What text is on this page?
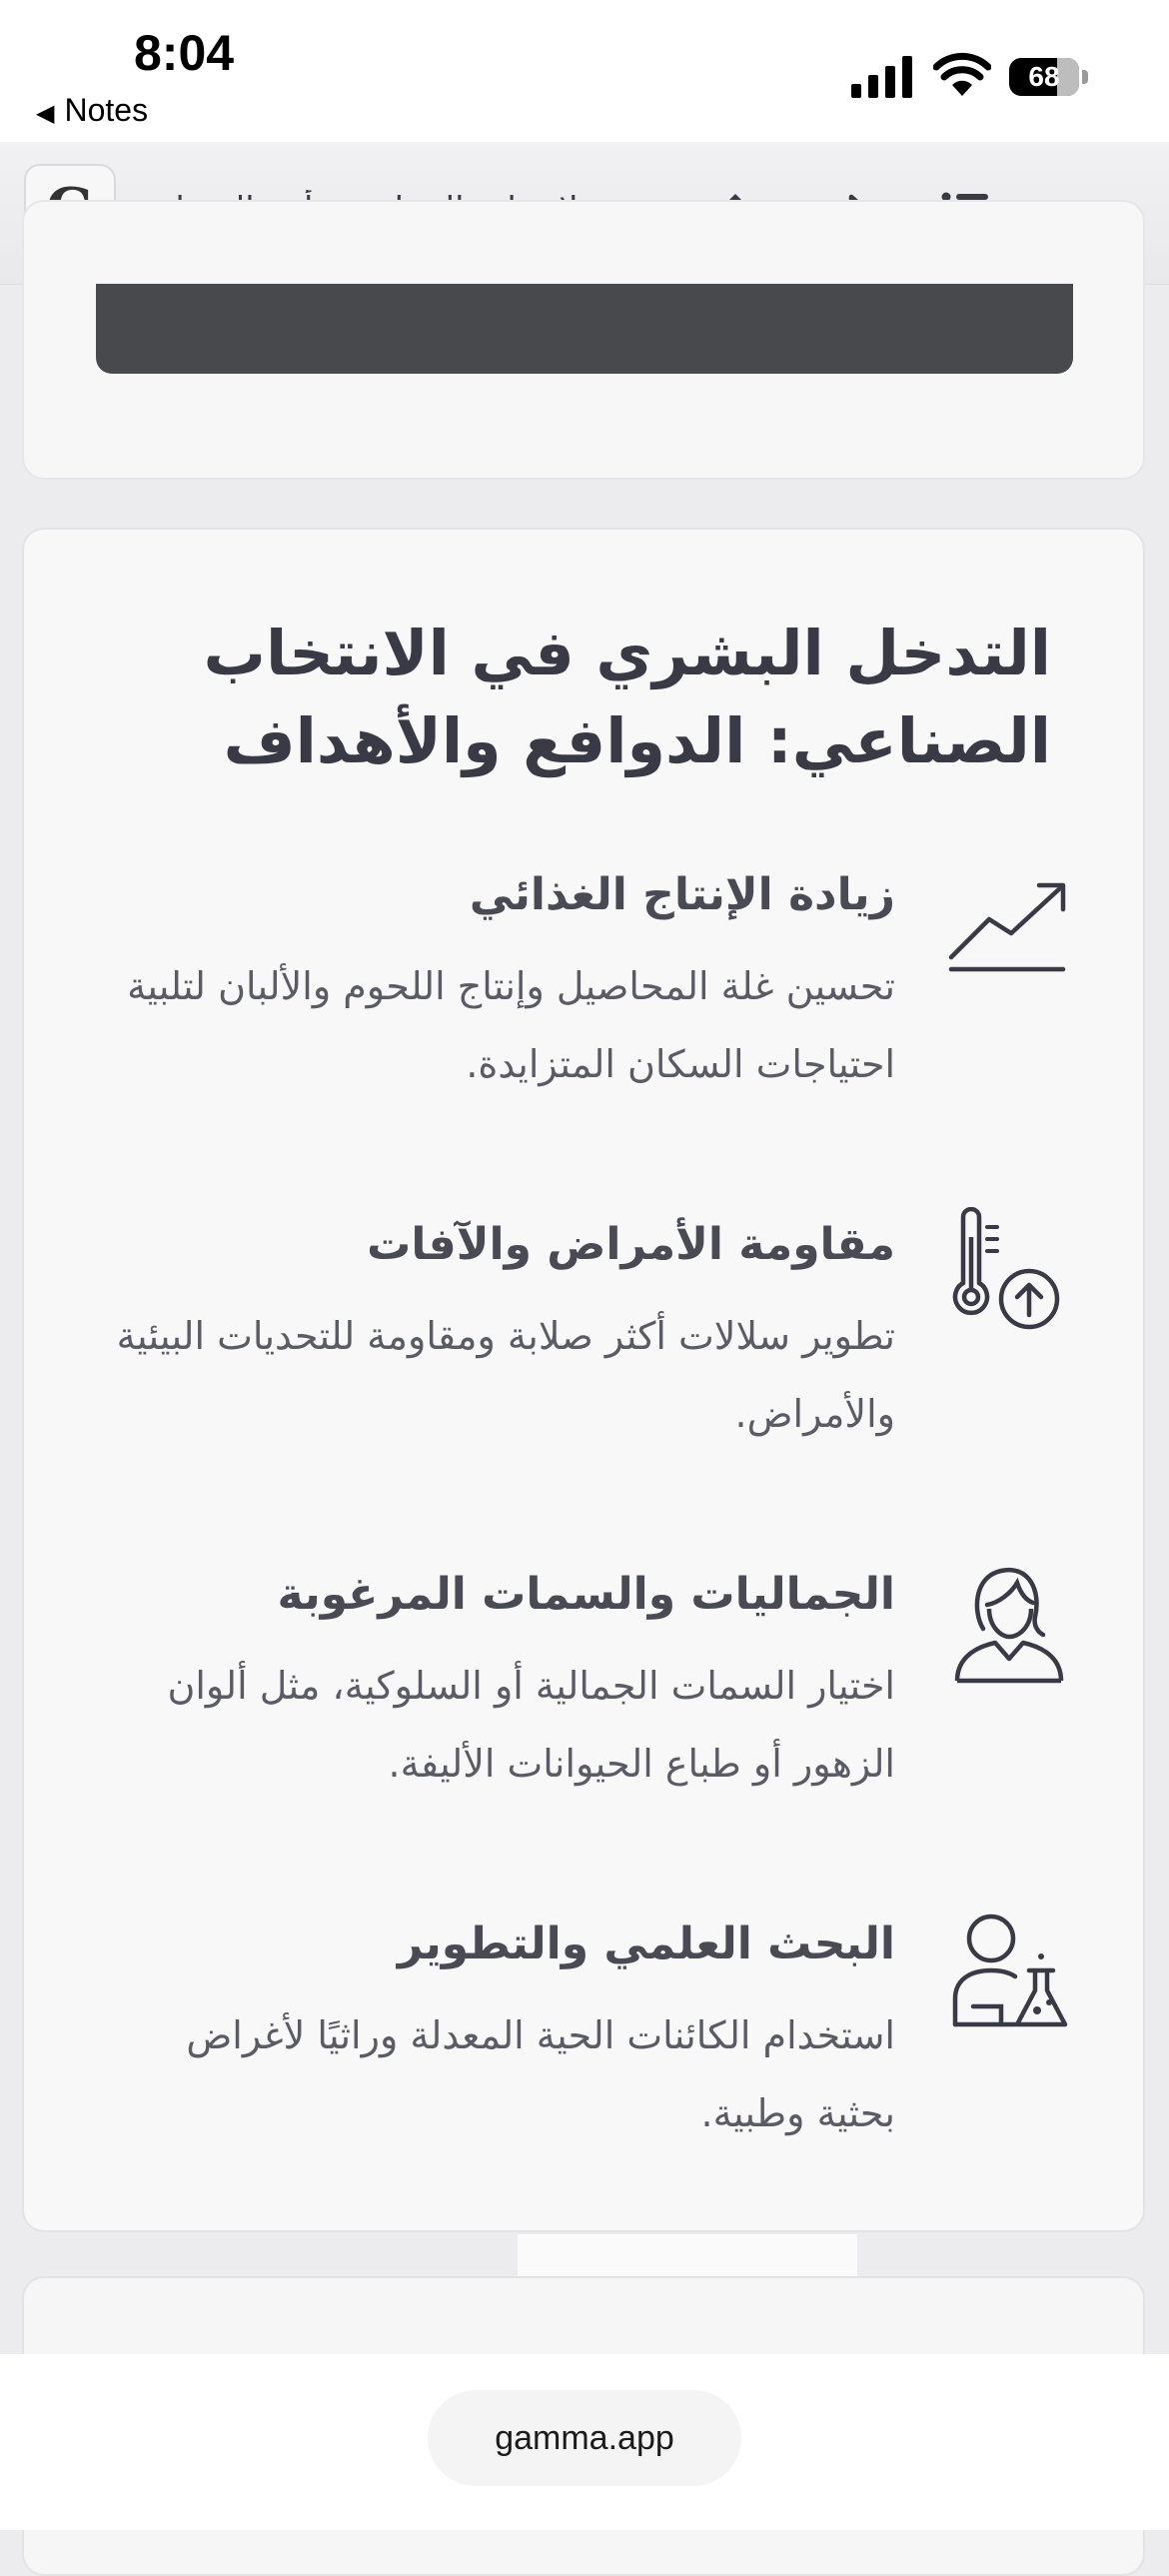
8:04
◀ Notes
68
التدخل البشري في الانتخاب الصناعي: الدوافع والأهداف
زيادة الإنتاج الغذائي

تحسين غلة المحاصيل وإنتاج اللحوم والألبان لتلبية احتياجات السكان المتزايدة.

مقاومة الأمراض والآفات

تطوير سلالات أكثر صلابة ومقاومة للتحديات البيئية والأمراض.

الجماليات والسمات المرغوبة

اختيار السمات الجمالية أو السلوكية، مثل ألوان الزهور أو طباع الحيوانات الأليفة.

البحث العلمي والتطوير

استخدام الكائنات الحية المعدلة وراثيًا لأغراض بحثية وطبية.

gamma.app
